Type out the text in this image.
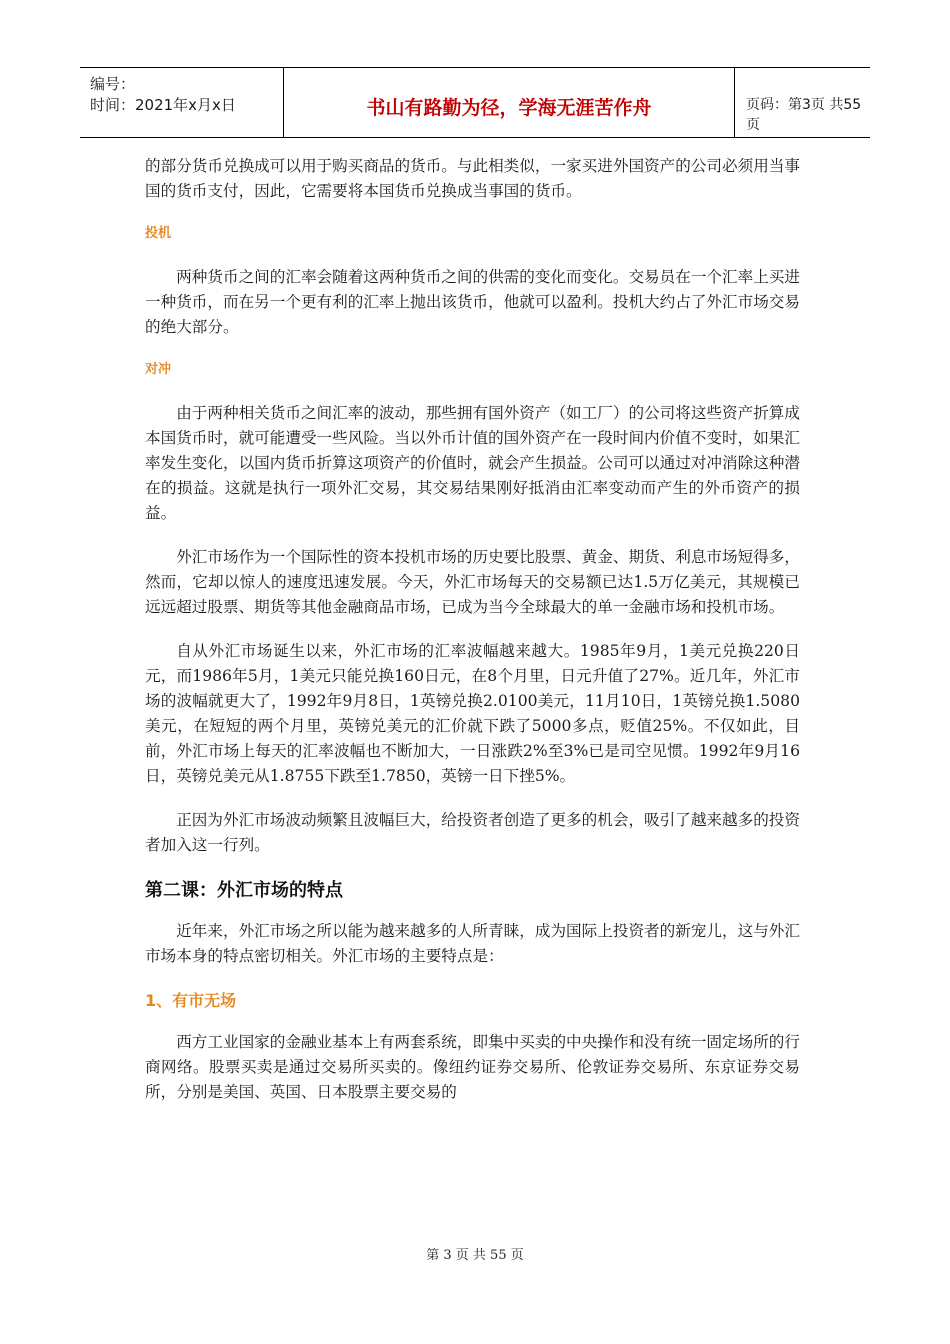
编号：
时间：2021年x月x日	书山有路勤为径，学海无涯苦作舟	页码：第3页 共55页

的部分货币兑换成可以用于购买商品的货币。与此相类似，一家买进外国资产的公司必须用当事国的货币支付，因此，它需要将本国货币兑换成当事国的货币。

投机

两种货币之间的汇率会随着这两种货币之间的供需的变化而变化。交易员在一个汇率上买进一种货币，而在另一个更有利的汇率上抛出该货币，他就可以盈利。投机大约占了外汇市场交易的绝大部分。

对冲

由于两种相关货币之间汇率的波动，那些拥有国外资产（如工厂）的公司将这些资产折算成本国货币时，就可能遭受一些风险。当以外币计值的国外资产在一段时间内价值不变时，如果汇率发生变化，以国内货币折算这项资产的价值时，就会产生损益。公司可以通过对冲消除这种潜在的损益。这就是执行一项外汇交易，其交易结果刚好抵消由汇率变动而产生的外币资产的损益。

外汇市场作为一个国际性的资本投机市场的历史要比股票、黄金、期货、利息市场短得多，然而，它却以惊人的速度迅速发展。今天，外汇市场每天的交易额已达1.5万亿美元，其规模已远远超过股票、期货等其他金融商品市场，已成为当今全球最大的单一金融市场和投机市场。

自从外汇市场诞生以来，外汇市场的汇率波幅越来越大。1985年9月，1美元兑换220日元，而1986年5月，1美元只能兑换160日元，在8个月里，日元升值了27%。近几年，外汇市场的波幅就更大了，1992年9月8日，1英镑兑换2.0100美元，11月10日，1英镑兑换1.5080美元，在短短的两个月里，英镑兑美元的汇价就下跌了5000多点，贬值25%。不仅如此，目前，外汇市场上每天的汇率波幅也不断加大，一日涨跌2%至3%已是司空见惯。1992年9月16日，英镑兑美元从1.8755下跌至1.7850，英镑一日下挫5%。

正因为外汇市场波动频繁且波幅巨大，给投资者创造了更多的机会，吸引了越来越多的投资者加入这一行列。

第二课：外汇市场的特点

近年来，外汇市场之所以能为越来越多的人所青睐，成为国际上投资者的新宠儿，这与外汇市场本身的特点密切相关。外汇市场的主要特点是：

1、有市无场

西方工业国家的金融业基本上有两套系统，即集中买卖的中央操作和没有统一固定场所的行商网络。股票买卖是通过交易所买卖的。像纽约证券交易所、伦敦证券交易所、东京证券交易所，分别是美国、英国、日本股票主要交易的

第 3 页 共 55 页
